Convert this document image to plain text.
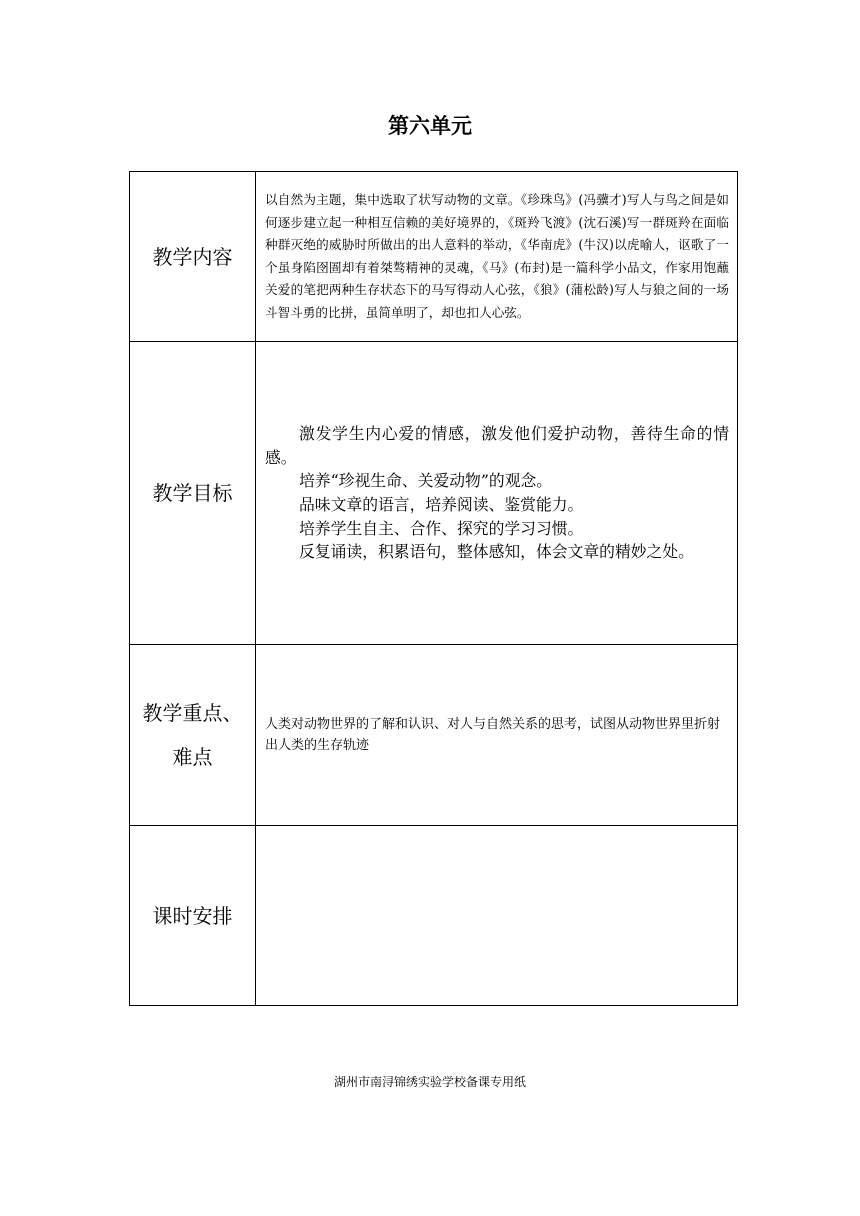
第六单元
教学内容	以自然为主题，集中选取了状写动物的文章。《珍珠鸟》(冯骥才)写人与鸟之间是如何逐步建立起一种相互信赖的美好境界的，《斑羚飞渡》(沈石溪)写一群斑羚在面临种群灭绝的威胁时所做出的出人意料的举动，《华南虎》(牛汉)以虎喻人，讴歌了一个虽身陷囹圄却有着桀骜精神的灵魂，《马》(布封)是一篇科学小品文，作家用饱蘸关爱的笔把两种生存状态下的马写得动人心弦，《狼》(蒲松龄)写人与狼之间的一场斗智斗勇的比拼，虽简单明了，却也扣人心弦。

教学目标	激发学生内心爱的情感，激发他们爱护动物，善待生命的情感。

培养“珍视生命、关爱动物”的观念。

品味文章的语言，培养阅读、鉴赏能力。

培养学生自主、合作、探究的学习习惯。

反复诵读，积累语句，整体感知，体会文章的精妙之处。

教学重点、
难点	人类对动物世界的了解和认识、对人与自然关系的思考，试图从动物世界里折射出人类的生存轨迹

课时安排	
湖州市南浔锦绣实验学校备课专用纸
